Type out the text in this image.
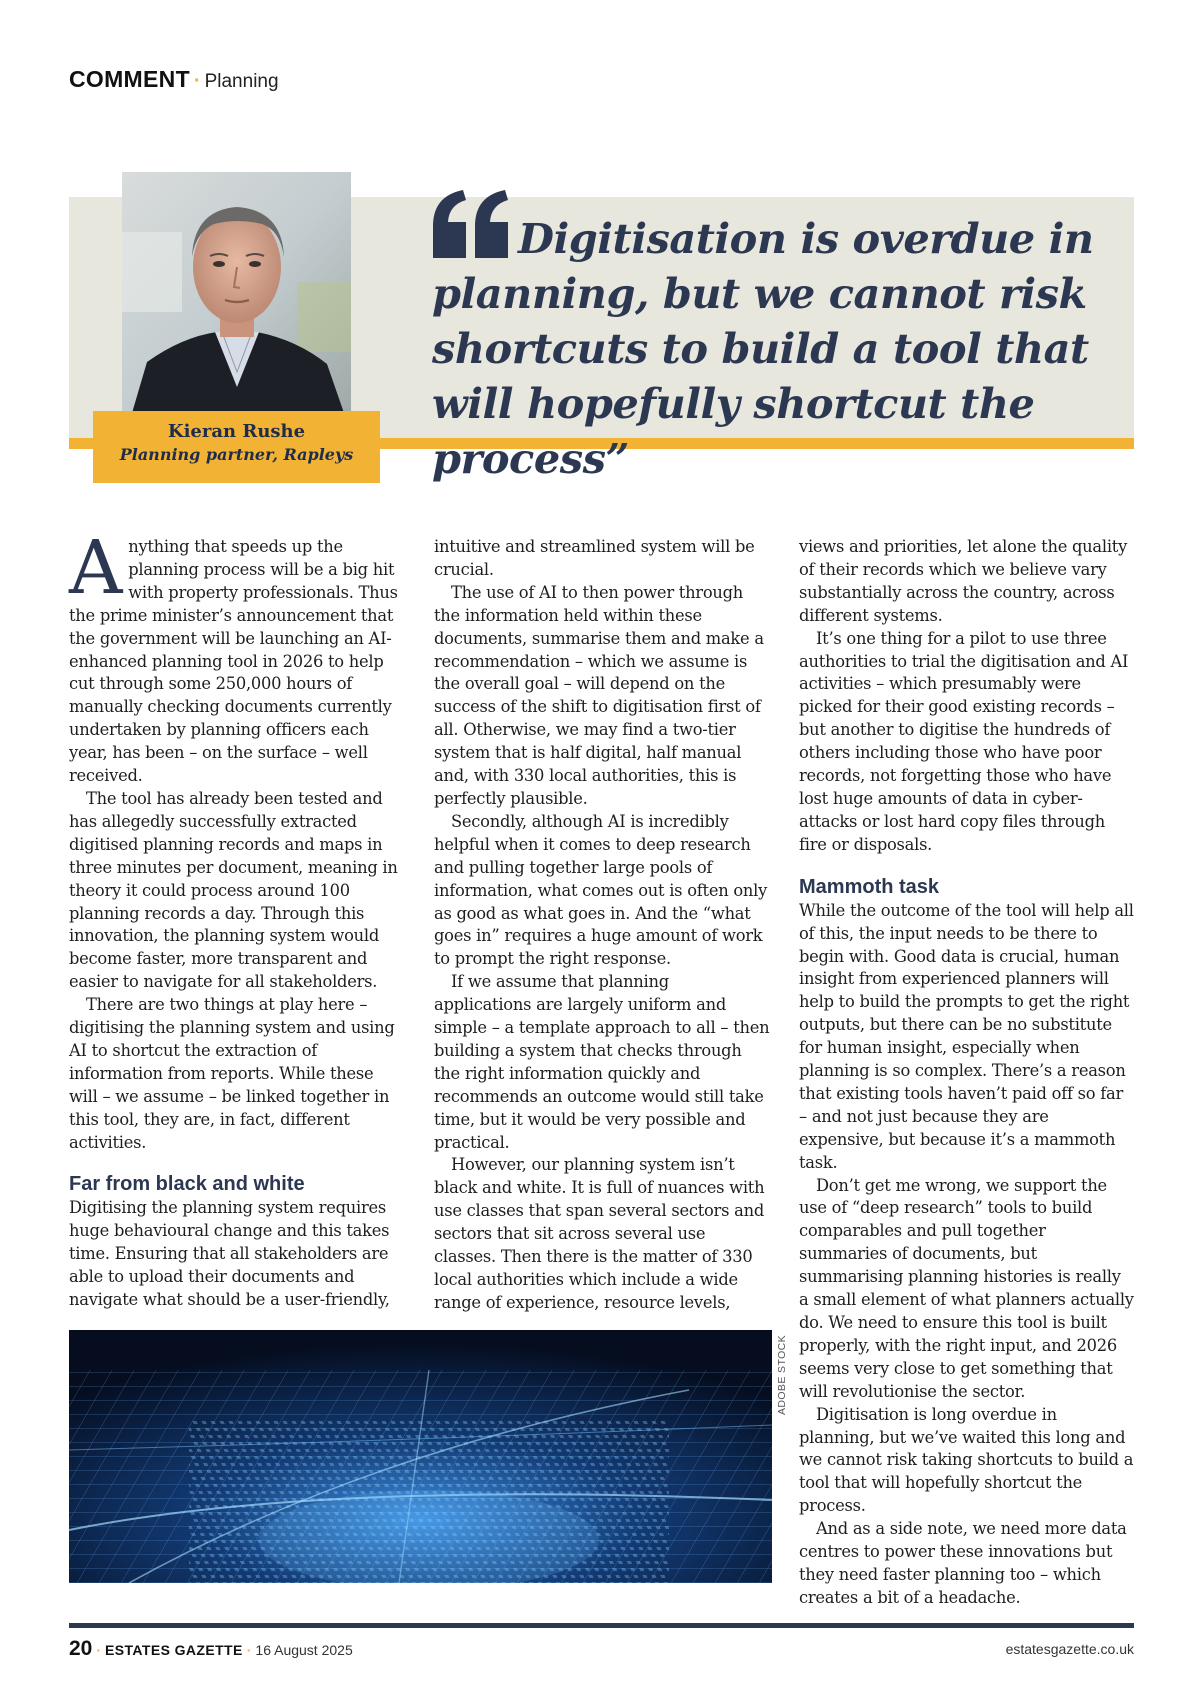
COMMENT · Planning
Kieran Rushe
Planning partner, Rapleys
Digitisation is overdue in planning, but we cannot risk shortcuts to build a tool that will hopefully shortcut the process”

Anything that speeds up the planning process will be a big hit with property professionals. Thus the prime minister’s announcement that the government will be launching an AI-enhanced planning tool in 2026 to help cut through some 250,000 hours of manually checking documents currently undertaken by planning officers each year, has been – on the surface – well received.

The tool has already been tested and has allegedly successfully extracted digitised planning records and maps in three minutes per document, meaning in theory it could process around 100 planning records a day. Through this innovation, the planning system would become faster, more transparent and easier to navigate for all stakeholders.

There are two things at play here – digitising the planning system and using AI to shortcut the extraction of information from reports. While these will – we assume – be linked together in this tool, they are, in fact, different activities.

Far from black and white

Digitising the planning system requires huge behavioural change and this takes time. Ensuring that all stakeholders are able to upload their documents and navigate what should be a user-friendly,

intuitive and streamlined system will be crucial.

The use of AI to then power through the information held within these documents, summarise them and make a recommendation – which we assume is the overall goal – will depend on the success of the shift to digitisation first of all. Otherwise, we may find a two-tier system that is half digital, half manual and, with 330 local authorities, this is perfectly plausible.

Secondly, although AI is incredibly helpful when it comes to deep research and pulling together large pools of information, what comes out is often only as good as what goes in. And the “what goes in” requires a huge amount of work to prompt the right response.

If we assume that planning applications are largely uniform and simple – a template approach to all – then building a system that checks through the right information quickly and recommends an outcome would still take time, but it would be very possible and practical.

However, our planning system isn’t black and white. It is full of nuances with use classes that span several sectors and sectors that sit across several use classes. Then there is the matter of 330 local authorities which include a wide range of experience, resource levels,

views and priorities, let alone the quality of their records which we believe vary substantially across the country, across different systems.

It’s one thing for a pilot to use three authorities to trial the digitisation and AI activities – which presumably were picked for their good existing records – but another to digitise the hundreds of others including those who have poor records, not forgetting those who have lost huge amounts of data in cyber-attacks or lost hard copy files through fire or disposals.

Mammoth task

While the outcome of the tool will help all of this, the input needs to be there to begin with. Good data is crucial, human insight from experienced planners will help to build the prompts to get the right outputs, but there can be no substitute for human insight, especially when planning is so complex. There’s a reason that existing tools haven’t paid off so far – and not just because they are expensive, but because it’s a mammoth task.

Don’t get me wrong, we support the use of “deep research” tools to build comparables and pull together summaries of documents, but summarising planning histories is really a small element of what planners actually do. We need to ensure this tool is built properly, with the right input, and 2026 seems very close to get something that will revolutionise the sector.

Digitisation is long overdue in planning, but we’ve waited this long and we cannot risk taking shortcuts to build a tool that will hopefully shortcut the process.

And as a side note, we need more data centres to power these innovations but they need faster planning too – which creates a bit of a headache.

ADOBE STOCK
20 · ESTATES GAZETTE · 16 August 2025	estatesgazette.co.uk
